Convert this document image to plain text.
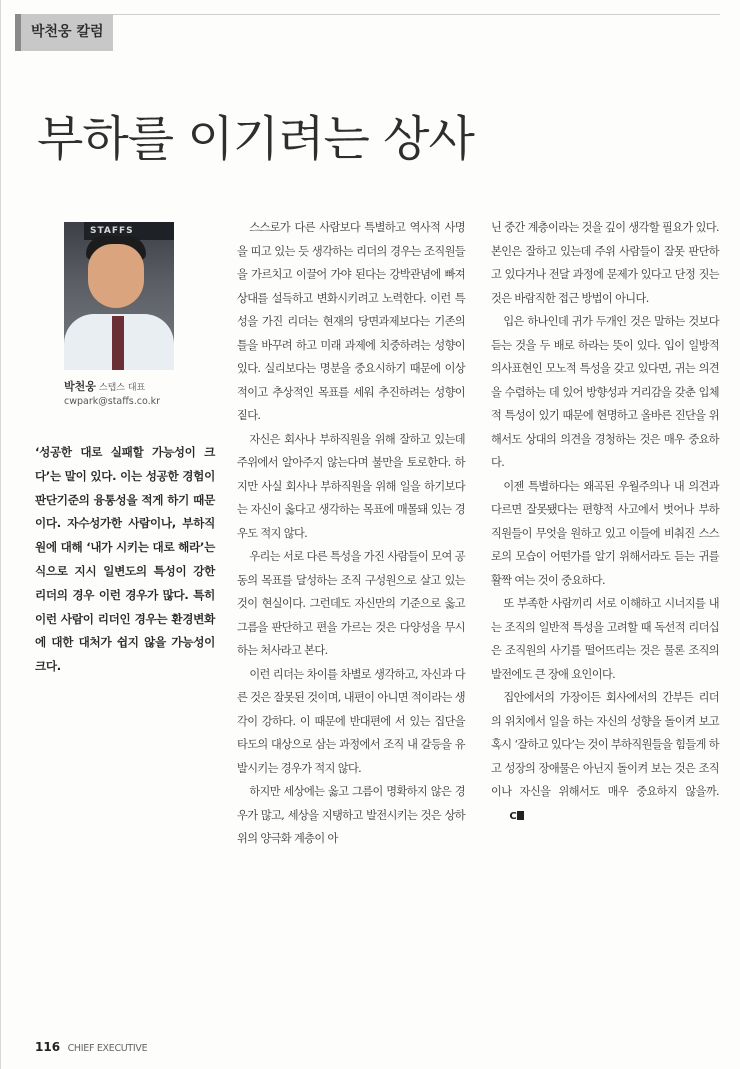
박천웅 칼럼
부하를 이기려는 상사
STAFFS
박천웅 스탭스 대표
cwpark@staffs.co.kr

‘성공한 대로 실패할 가능성이 크다’는 말이 있다. 이는 성공한 경험이 판단기준의 융통성을 적게 하기 때문이다. 자수성가한 사람이나, 부하직원에 대해 ‘내가 시키는 대로 해라’는 식으로 지시 일변도의 특성이 강한 리더의 경우 이런 경우가 많다. 특히 이런 사람이 리더인 경우는 환경변화에 대한 대처가 쉽지 않을 가능성이 크다.

스스로가 다른 사람보다 특별하고 역사적 사명을 띠고 있는 듯 생각하는 리더의 경우는 조직원들을 가르치고 이끌어 가야 된다는 강박관념에 빠져 상대를 설득하고 변화시키려고 노력한다. 이런 특성을 가진 리더는 현재의 당면과제보다는 기존의 틀을 바꾸려 하고 미래 과제에 치중하려는 성향이 있다. 실리보다는 명분을 중요시하기 때문에 이상적이고 추상적인 목표를 세워 추진하려는 성향이 짙다.

자신은 회사나 부하직원을 위해 잘하고 있는데 주위에서 알아주지 않는다며 불만을 토로한다. 하지만 사실 회사나 부하직원을 위해 일을 하기보다는 자신이 옳다고 생각하는 목표에 매몰돼 있는 경우도 적지 않다.

우리는 서로 다른 특성을 가진 사람들이 모여 공동의 목표를 달성하는 조직 구성원으로 살고 있는 것이 현실이다. 그런데도 자신만의 기준으로 옳고 그름을 판단하고 편을 가르는 것은 다양성을 무시하는 처사라고 본다.

이런 리더는 차이를 차별로 생각하고, 자신과 다른 것은 잘못된 것이며, 내편이 아니면 적이라는 생각이 강하다. 이 때문에 반대편에 서 있는 집단을 타도의 대상으로 삼는 과정에서 조직 내 갈등을 유발시키는 경우가 적지 않다.

하지만 세상에는 옳고 그름이 명확하지 않은 경우가 많고, 세상을 지탱하고 발전시키는 것은 상하위의 양극화 계층이 아

닌 중간 계층이라는 것을 깊이 생각할 필요가 있다. 본인은 잘하고 있는데 주위 사람들이 잘못 판단하고 있다거나 전달 과정에 문제가 있다고 단정 짓는 것은 바람직한 접근 방법이 아니다.

입은 하나인데 귀가 두개인 것은 말하는 것보다 듣는 것을 두 배로 하라는 뜻이 있다. 입이 일방적 의사표현인 모노적 특성을 갖고 있다면, 귀는 의견을 수렴하는 데 있어 방향성과 거리감을 갖춘 입체적 특성이 있기 때문에 현명하고 올바른 진단을 위해서도 상대의 의견을 경청하는 것은 매우 중요하다.

이젠 특별하다는 왜곡된 우월주의나 내 의견과 다르면 잘못됐다는 편향적 사고에서 벗어나 부하직원들이 무엇을 원하고 있고 이들에 비춰진 스스로의 모습이 어떤가를 알기 위해서라도 듣는 귀를 활짝 여는 것이 중요하다.

또 부족한 사람끼리 서로 이해하고 시너지를 내는 조직의 일반적 특성을 고려할 때 독선적 리더십은 조직원의 사기를 떨어뜨리는 것은 물론 조직의 발전에도 큰 장애 요인이다.

집안에서의 가장이든 회사에서의 간부든 리더의 위치에서 일을 하는 자신의 성향을 돌이켜 보고 혹시 ‘잘하고 있다’는 것이 부하직원들을 힘들게 하고 성장의 장애물은 아닌지 돌이켜 보는 것은 조직이나 자신을 위해서도 매우 중요하지 않을까.C

116 CHIEF EXECUTIVE
